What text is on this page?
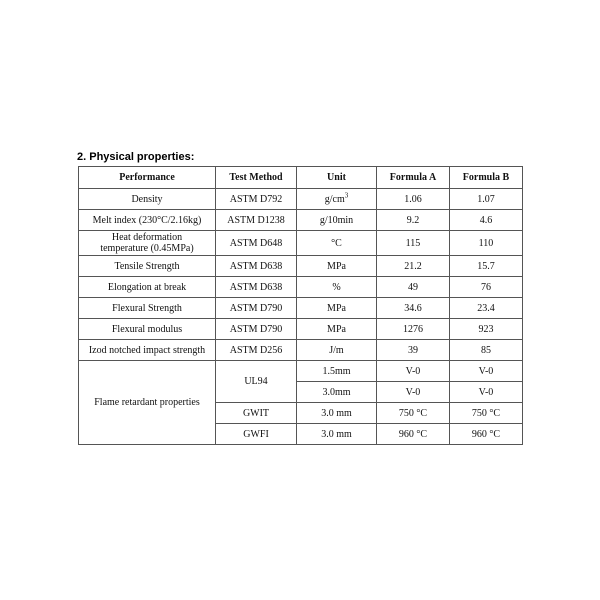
2. Physical properties:

Performance	Test Method	Unit	Formula A	Formula B
Density	ASTM D792	$g/cm^3$	1.06	1.07
Melt index (230°C/2.16kg)	ASTM D1238	g/10min	9.2	4.6
Heat deformation
temperature (0.45MPa)	ASTM D648	°C	115	110
Tensile Strength	ASTM D638	MPa	21.2	15.7
Elongation at break	ASTM D638	%	49	76
Flexural Strength	ASTM D790	MPa	34.6	23.4
Flexural modulus	ASTM D790	MPa	1276	923
Izod notched impact strength	ASTM D256	J/m	39	85
Flame retardant properties	UL94	1.5mm	V-0	V-0
		3.0mm	V-0	V-0
	GWIT	3.0 mm	750 °C	750 °C
	GWFI	3.0 mm	960 °C	960 °C
